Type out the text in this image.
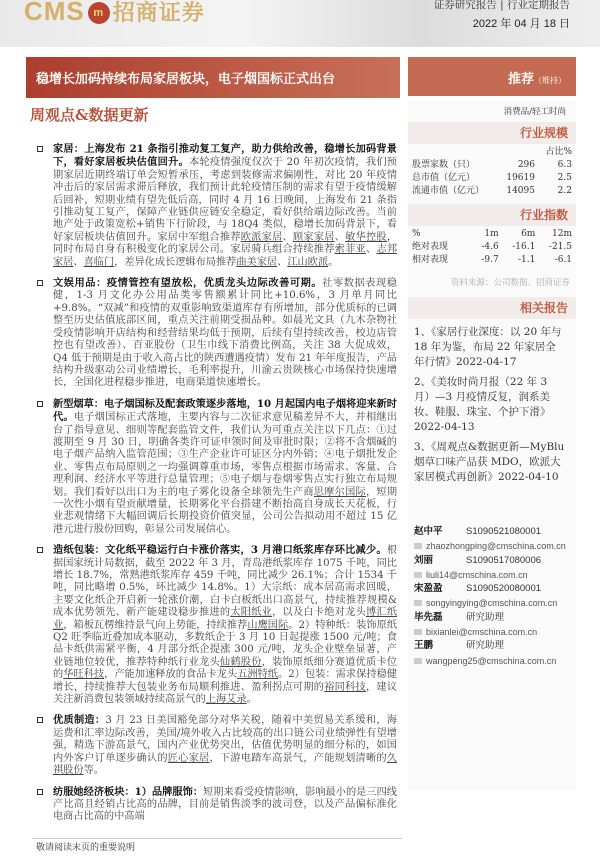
CMS m 招商证券	证券研究报告 | 行业定期报告
2022 年 04 月 18 日
稳增长加码持续布局家居板块，电子烟国标正式出台	推荐（维持）
周观点&数据更新	消费品/轻工时尚
行业规模
占比%
股票家数（只）	296	6.3
总市值（亿元）	19619	2.5
流通市值（亿元）	14095	2.2
行业指数
%	1m	6m	12m
绝对表现	-4.6	-16.1	-21.5
相对表现	-9.7	-1.1	-6.1
资料来源：公司数据、招商证券
相关报告
1、《家居行业深度：以 20 年与 18 年为鉴，布局 22 年家居全年行情》2022-04-17
2、《美妆时尚月报（22 年 3 月）—3 月疫情反复，润系美妆、鞋服、珠宝、个护下滑》2022-04-13
3、《周观点&数据更新—MyBlu 烟草口味产品获 MDO，欧派大家居模式再创新》2022-04-10
赵中平 S1090521080001
zhaozhongping@cmschina.com.cn
刘丽	S1090517080006
liuli14@cmschina.com.cn
宋盈盈 S1090520080001
songyingying@cmschina.com.cn
毕先磊 研究助理
bixianlei@cmschina.com.cn
王鹏	研究助理
wangpeng25@cmschina.com.cn
家居：上海发布 21 条指引推动复工复产，助力供给改善，稳增长加码背景下，看好家居板块估值回升。本轮疫情强度仅次于 20 年初次疫情，我们预期家居近期终端订单会短暂承压，考虑到装修需求偏刚性，对比 20 年疫情冲击后的家居需求滞后释放，我们预计此轮疫情压制的需求有望于疫情缓解后回补，短期业绩有望先低后高，同时 4 月 16 日晚间，上海发布 21 条指引推动复工复产，保障产业链供应链安全稳定，看好供给端边际改善。当前地产处于政策宽松+销售下行阶段，与 18Q4 类似，稳增长加码背景下，看好家居板块估值回升。家居中军组合推荐欧派家居、顾家家居、敏华控股，同时布局自身有积极变化的家居公司。家居骑兵组合持续推荐索菲亚、志邦家居、喜临门，差异化成长逻辑布局推荐曲美家居、江山欧派。
文娱用品：疫情管控有望放松，优质龙头边际改善可期。社零数据表现稳健，1-3 月文化办公用品类零售额累计同比+10.6%，3 月单月同比+9.8%。“双减”和疫情的双重影响致渠道库存有所增加，部分优质标的已调整至历史估值底部区间，重点关注前期受损品种。如晨光文具（九木杂物社受疫情影响开店结构和经营结果均低于预期，后续有望持续改善，校边店管控也有望改善）、百亚股份（卫生巾线下消费比例高，关注 38 大促成效，Q4 低于预期是由于收入高占比的陕西遭遇疫情）发布 21 年年度报告，产品结构升级驱动公司业绩增长，毛利率提升，川渝云贵陕核心市场保持快速增长，全国化进程稳步推进，电商渠道快速增长。
新型烟草：电子烟国标及配套政策逐步落地，10 月起国内电子烟将迎来新时代。电子烟国标正式落地，主要内容与二次征求意见稿差异不大，并相继出台了指导意见、细则等配套监管文件，我们认为可重点关注以下几点：①过渡期至 9 月 30 日，明确各类许可证申领时间及审批时限；②将不含烟碱的电子烟产品纳入监管范围；③生产企业许可证区分内外销；④电子烟批发企业、零售点布局原则之一均强调尊重市场，零售点根据市场需求、客量、合理利润、经济水平等进行总量管理；⑤电子烟与卷烟零售点实行独立布局规划。我们看好以出口为主的电子雾化设备全球领先生产商思摩尔国际，短期一次性小烟有望贡献增量，长期雾化平台搭建不断抬高自身成长天花板，行业悲观情绪下大幅回调后长期投资价值突显，公司公告拟动用不超过 15 亿港元进行股份回购，彰显公司发展信心。
造纸包装：文化纸平稳运行白卡涨价落实，3 月港口纸浆库存环比减少。根据国家统计局数据，截至 2022 年 3 月，青岛港纸浆库存 1075 千吨，同比增长 18.7%，常熟港纸浆库存 459 千吨，同比减少 26.1%；合计 1534 千吨，同比略增 0.5%，环比减少 14.8%。1）大宗纸：成本居高需求回暖，主要文化纸企开启新一轮涨价潮，白卡白板纸出口高景气，持续推荐规模&成本优势领先、新产能建设稳步推进的太阳纸业，以及白卡绝对龙头博汇纸业，箱板瓦楞维持景气向上势能，持续推荐山鹰国际。2）特种纸：装饰原纸 Q2 旺季临近叠加成本驱动，多数纸企于 3 月 10 日起提涨 1500 元/吨；食品卡纸供需紧平衡，4 月部分纸企提涨 300 元/吨，龙头企业壁垒显著，产业链地位较优，推荐特种纸行业龙头仙鹤股份，装饰原纸细分赛道优质卡位的华旺科技，产能加速释放的食品卡龙头五洲特纸。2）包装：需求保持稳健增长，持续推荐大包装业务布局顺利推进、盈利拐点可期的裕同科技，建议关注新消费包装领域持续高景气的上海艾录。
优质制造：3 月 23 日美国豁免部分对华关税，随着中美贸易关系缓和，海运费和汇率边际改善，美国/境外收入占比较高的出口链公司业绩弹性有望增强，精选下游高景气，国内产业优势突出，估值优势明显的细分标的，如国内外客户订单逐步确认的匠心家居，下游电踏车高景气，产能规划清晰的久祺股份等。
纺服她经济板块：1）品牌服饰：短期来看受疫情影响，影响最小的是三四线产比高且经销占比高的品牌，目前是销售淡季的波司登，以及产品偏标准化电商占比高的中高端
敬请阅读末页的重要说明
